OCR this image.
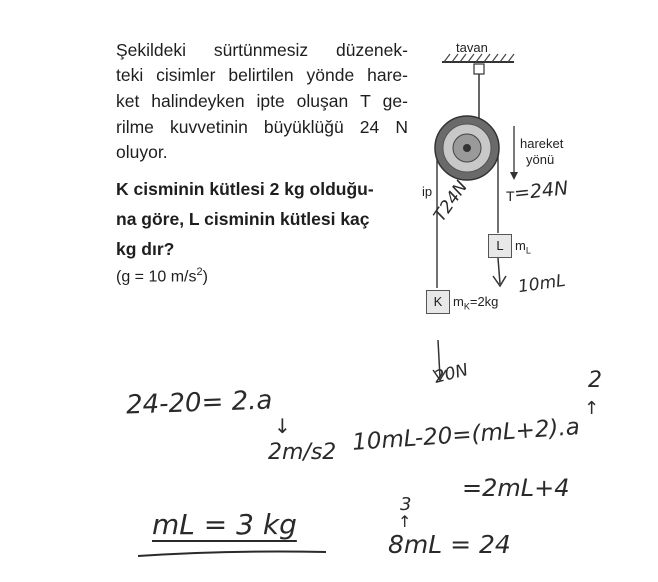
Şekildeki sürtünmesiz düzenek-
teki cisimler belirtilen yönde hare-
ket halindeyken ipte oluşan T ge-
rilme kuvvetinin büyüklüğü 24 N
oluyor.
K cisminin kütlesi 2 kg olduğu-
na göre, L cisminin kütlesi kaç
kg dır?
(g = 10 $m/s^2$)
tavan
ip
hareket
yönü
T
L $m_L$
K $m_K=2kg$
=24N
T24N
10mL
20N
24-20= 2.a
↓
2m/s2 10mL-20=(mL+2).a
2
↑
=2mL+4
3
↑
8mL = 24
mL = 3 kg
